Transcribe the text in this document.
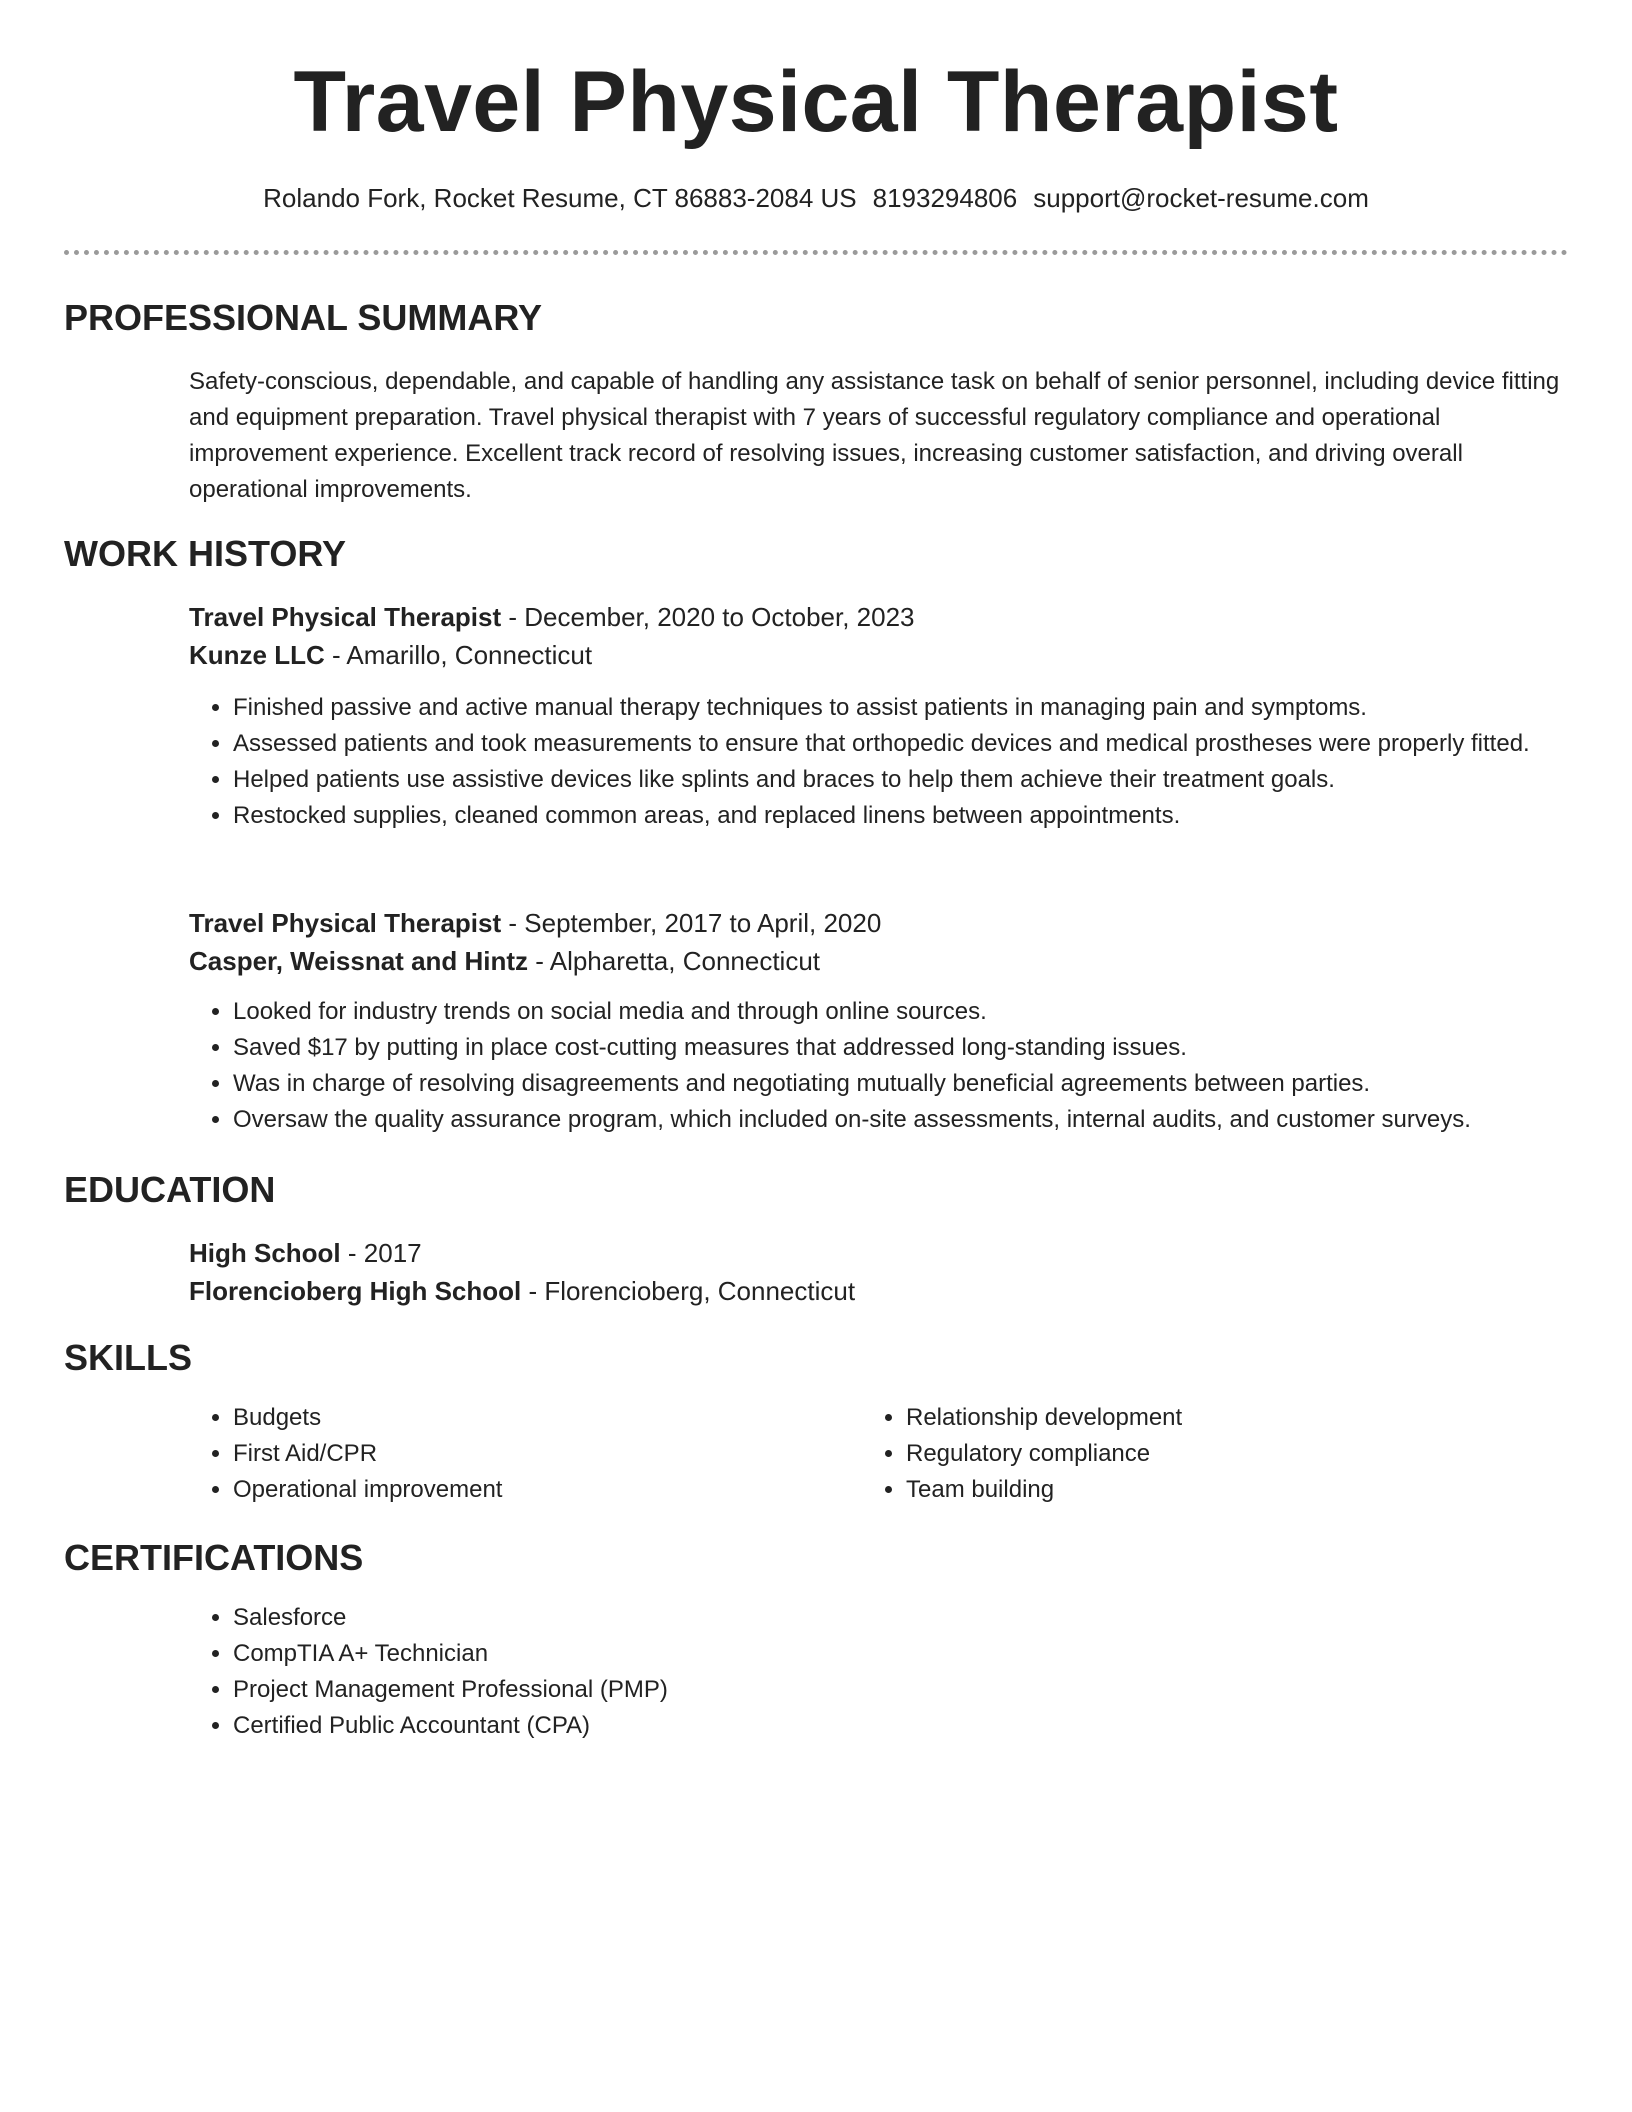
Travel Physical Therapist
Rolando Fork, Rocket Resume, CT 86883-2084 US 8193294806 support@rocket-resume.com
PROFESSIONAL SUMMARY

Safety-conscious, dependable, and capable of handling any assistance task on behalf of senior personnel, including device fitting and equipment preparation. Travel physical therapist with 7 years of successful regulatory compliance and operational improvement experience. Excellent track record of resolving issues, increasing customer satisfaction, and driving overall operational improvements.

WORK HISTORY

Travel Physical Therapist - December, 2020 to October, 2023

Kunze LLC - Amarillo, Connecticut

• Finished passive and active manual therapy techniques to assist patients in managing pain and symptoms.
• Assessed patients and took measurements to ensure that orthopedic devices and medical prostheses were properly fitted.
• Helped patients use assistive devices like splints and braces to help them achieve their treatment goals.
• Restocked supplies, cleaned common areas, and replaced linens between appointments.

Travel Physical Therapist - September, 2017 to April, 2020

Casper, Weissnat and Hintz - Alpharetta, Connecticut

• Looked for industry trends on social media and through online sources.
• Saved $17 by putting in place cost-cutting measures that addressed long-standing issues.
• Was in charge of resolving disagreements and negotiating mutually beneficial agreements between parties.
• Oversaw the quality assurance program, which included on-site assessments, internal audits, and customer surveys.
EDUCATION

High School - 2017

Florencioberg High School - Florencioberg, Connecticut

SKILLS
• Budgets
• First Aid/CPR
• Operational improvement
• Relationship development
• Regulatory compliance
• Team building
CERTIFICATIONS
• Salesforce
• CompTIA A+ Technician
• Project Management Professional (PMP)
• Certified Public Accountant (CPA)
